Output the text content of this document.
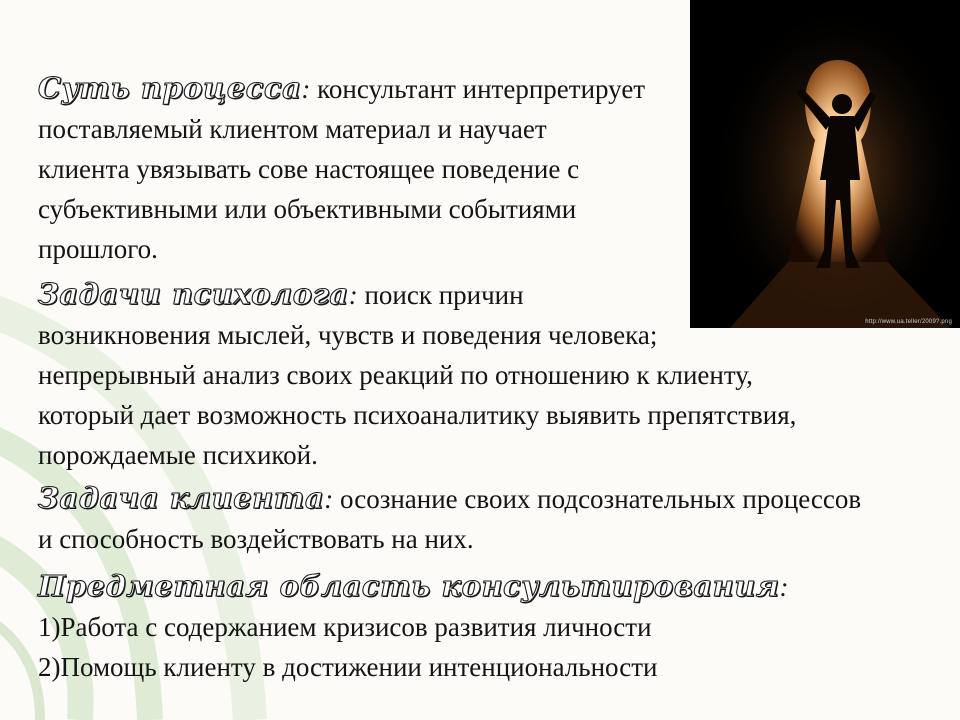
http://www.ua.teller/2009?.png

Суть процесса: консультант интерпретирует
поставляемый клиентом материал и научает
клиента увязывать сове настоящее поведение с
субъективными или объективными событиями
прошлого.

Задачи психолога: поиск причин
возникновения мыслей, чувств и поведения человека;
непрерывный анализ своих реакций по отношению к клиенту,
который дает возможность психоаналитику выявить препятствия,
порождаемые психикой.

Задача клиента: осознание своих подсознательных процессов
и способность воздействовать на них.

Предметная область консультирования:
1)Работа с содержанием кризисов развития личности
2)Помощь клиенту в достижении интенциональности
